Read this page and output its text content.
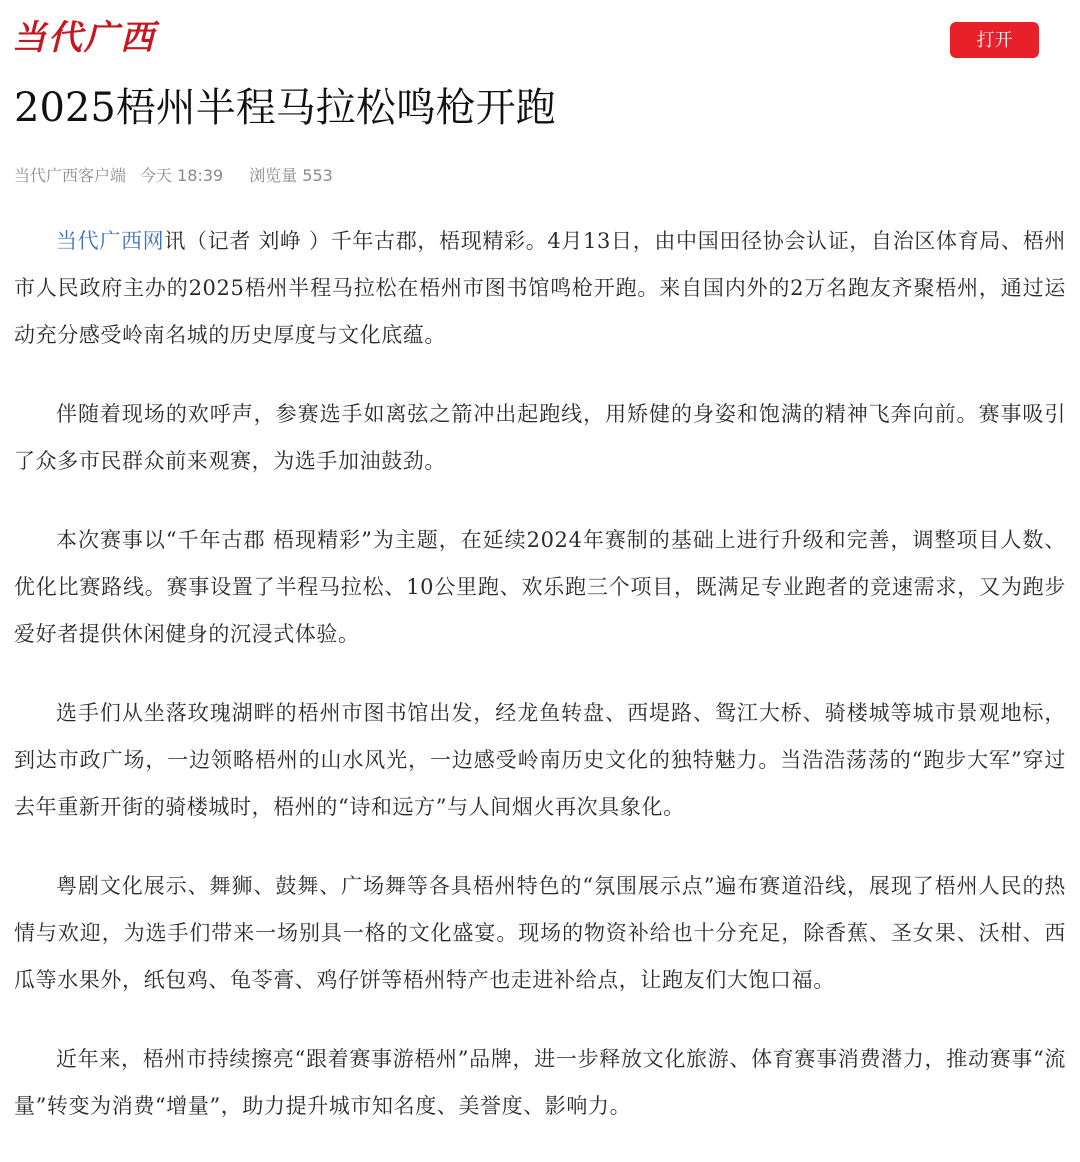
当代广西	打开
2025梧州半程马拉松鸣枪开跑
当代广西客户端 今天 18:39 浏览量 553

当代广西网讯（记者 刘峥 ）千年古郡，梧现精彩。4月13日，由中国田径协会认证，自治区体育局、梧州市人民政府主办的2025梧州半程马拉松在梧州市图书馆鸣枪开跑。来自国内外的2万名跑友齐聚梧州，通过运动充分感受岭南名城的历史厚度与文化底蕴。

伴随着现场的欢呼声，参赛选手如离弦之箭冲出起跑线，用矫健的身姿和饱满的精神飞奔向前。赛事吸引了众多市民群众前来观赛，为选手加油鼓劲。

本次赛事以“千年古郡 梧现精彩”为主题，在延续2024年赛制的基础上进行升级和完善，调整项目人数、优化比赛路线。赛事设置了半程马拉松、10公里跑、欢乐跑三个项目，既满足专业跑者的竞速需求，又为跑步爱好者提供休闲健身的沉浸式体验。

选手们从坐落玫瑰湖畔的梧州市图书馆出发，经龙鱼转盘、西堤路、鸳江大桥、骑楼城等城市景观地标，到达市政广场，一边领略梧州的山水风光，一边感受岭南历史文化的独特魅力。当浩浩荡荡的“跑步大军”穿过去年重新开街的骑楼城时，梧州的“诗和远方”与人间烟火再次具象化。

粤剧文化展示、舞狮、鼓舞、广场舞等各具梧州特色的“氛围展示点”遍布赛道沿线，展现了梧州人民的热情与欢迎，为选手们带来一场别具一格的文化盛宴。现场的物资补给也十分充足，除香蕉、圣女果、沃柑、西瓜等水果外，纸包鸡、龟苓膏、鸡仔饼等梧州特产也走进补给点，让跑友们大饱口福。

近年来，梧州市持续擦亮“跟着赛事游梧州”品牌，进一步释放文化旅游、体育赛事消费潜力，推动赛事“流量”转变为消费“增量”，助力提升城市知名度、美誉度、影响力。
